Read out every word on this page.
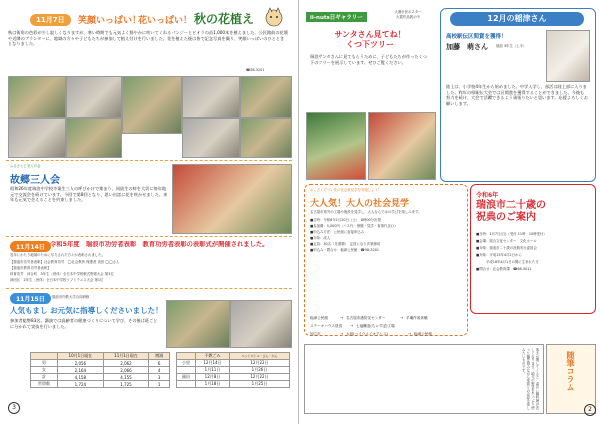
11月7日	笑顔いっぱい！
花いっぱい！ 秋の花植え
秋は街角の色彩が少し寂しくなりますが、寒い時期でも元気よく鮮やかに咲いてくれるパンジーとビオラの苗1,000本を植えました。公民館前の花壇や近隣のプランターに、地域の方々や子どもたちが参加して植え付けを行いました。花を植えた後は皆で記念写真を撮り、笑顔いっぱいのひとときとなりました。
☎58-3201
ふるさとじまんの会
故郷三人会
昭和26年度瑞浪中学校卒業生三人の呼びかけで集まり、同級生の絆を大切に毎年地元で交流会を続けています。今回で第8回となり、思い出話に花を咲かせました。来年も元気で会えることを約束しました。
11月14日 令和5年度　瑞浪市功労者表彰　教育功労者表彰の表彰式が開催されました。
長年にわたり地域のために尽力された方々が表彰されました。
【瑞浪市功労者表彰】社会教育功労　◯社会教育 保護者 須田 ◯◯さん
【瑞浪市教育功労者表彰】
体育功労　河合町　3年生（団体）全日本中学校軟式野球大会 第3位
神田区　2年生（団体）全日本中学校ソフトテニス大会 第1位
11月15日	瑞浪市内教大学合同研修
人気もまし お元気に指導しくださいました！
参加者総勢83名。講演では高齢者の健康づくりについて学び、その後は班ごとに分かれて実技を行いました。
	10月1日現在	11月1日現在	増減
男	2,056	2,062	6
女	2,164	2,066	4
計	4,158	4,155	3
世帯数	1,724	1,725	1
	不燃ごみ	ペットボトル・びん・かん
小里	12月14日	12月22日
	1月11日	1月26日
副田	12月8日	12月22日
	1月18日	1月25日
3
ii-nuts日ギャラリー
大湫市民ポスター
大賞作品展示中
サンタさん見てね！
くつ下ツリー
瑞浪サンタさんに見てもらうために、子どもたちが作ったくつ下のツリーを展示しています。ぜひご覧ください。
12月の稲津さん
高校駅伝区間賞を獲得！
加藤　萌さん 瑞浪 3年生（上半）
陸上は、小学校4年生から始めました。中学入学し、部活は陸上部に入りました。昨年の県駅伝大会では区間賞を獲得することができました。今後も努力を続け、大会で活躍できるよう頑張りたいと思います。応援よろしくお願いします。
おこさくだつい先の社会科見学を実施しよう！
大人気！大人の社会見学
名古屋市郊外の工場や施設を見学し、大人ならではの学びを楽しみます。
■日時：令和6年1月20日（土）　8時00分出発
■参加費：5,000円（バス代・保険・見学・食事代含む）
■申込み方法：公民館に直接申込み
■対象：成人
■定員：30名（先着順）　定員になり次第締切
■申込み・問合せ：稲津公民館　☎58-3201
稲津公民館	→ 名古屋市港防災センター	→ 羊羹作成体験
ステーキハウス昼食 → 七福醸造(ちゃすぽ)工場
知立市	→ 大垣(ハイウエイオアシス)	→ 稲津公民館
令和6年
瑞浪市二十歳の
祝典のご案内
■日時：1月7日(日)（受付 11時　10時受付）
■会場：総合文化センター　文化ホール
■対象：瑞浪市二十歳の祝典実行委員会
■対象：平成15年4月2日から
平成16年4月1日の間に生まれた方
■問合せ：社会教育課　☎68-3011
寒さが増してくると、温かい鍋料理が恋しくなります。地元の野菜をたっぷり使った鍋を囲みながら家族との会話を楽しみたいものです。	随筆コラム
2
